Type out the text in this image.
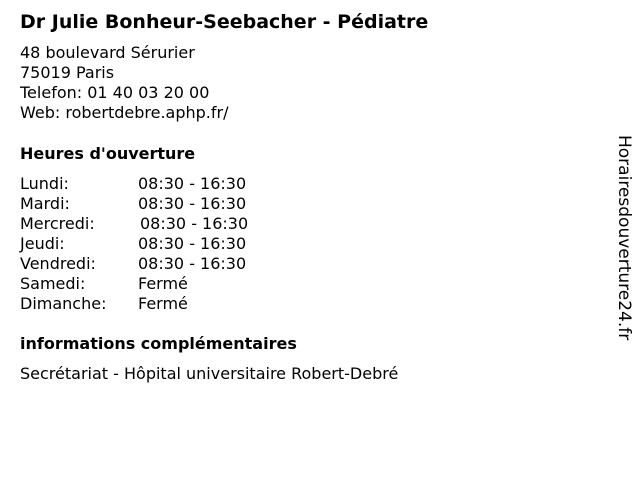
Dr Julie Bonheur-Seebacher - Pédiatre
48 boulevard Sérurier
75019 Paris
Telefon: 01 40 03 20 00
Web: robertdebre.aphp.fr/
Heures d'ouverture
Lundi:	08:30 - 16:30
Mardi:	08:30 - 16:30
Mercredi:	08:30 - 16:30
Jeudi:	08:30 - 16:30
Vendredi:	08:30 - 16:30
Samedi:	Fermé
Dimanche: Fermé
informations complémentaires
Secrétariat - Hôpital universitaire Robert-Debré
Horairesdouverture24.fr
